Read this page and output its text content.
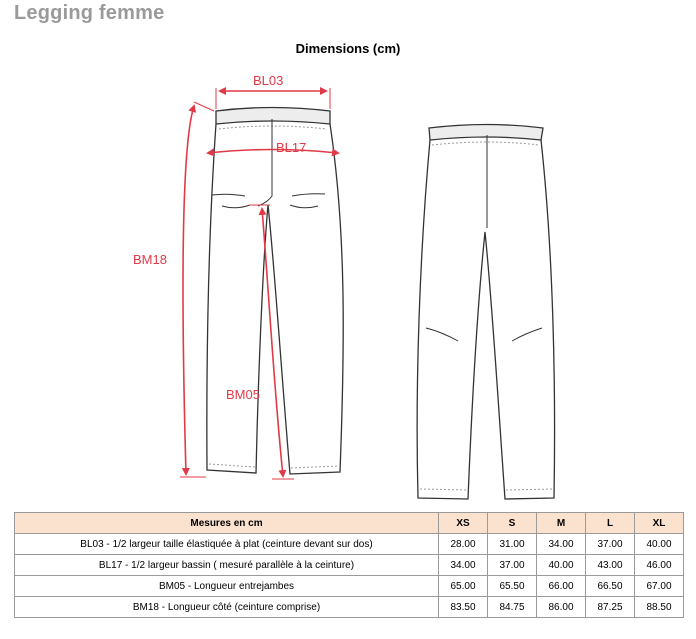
Legging femme
Dimensions (cm)
BL03
BL17
BM18
BM05
Mesures en cm	XS	S	M	L	XL
BL03 - 1/2 largeur taille élastiquée à plat (ceinture devant sur dos)	28.00	31.00	34.00	37.00	40.00
BL17 - 1/2 largeur bassin ( mesuré parallèle à la ceinture)	34.00	37.00	40.00	43.00	46.00
BM05 - Longueur entrejambes	65.00	65.50	66.00	66.50	67.00
BM18 - Longueur côté (ceinture comprise)	83.50	84.75	86.00	87.25	88.50
